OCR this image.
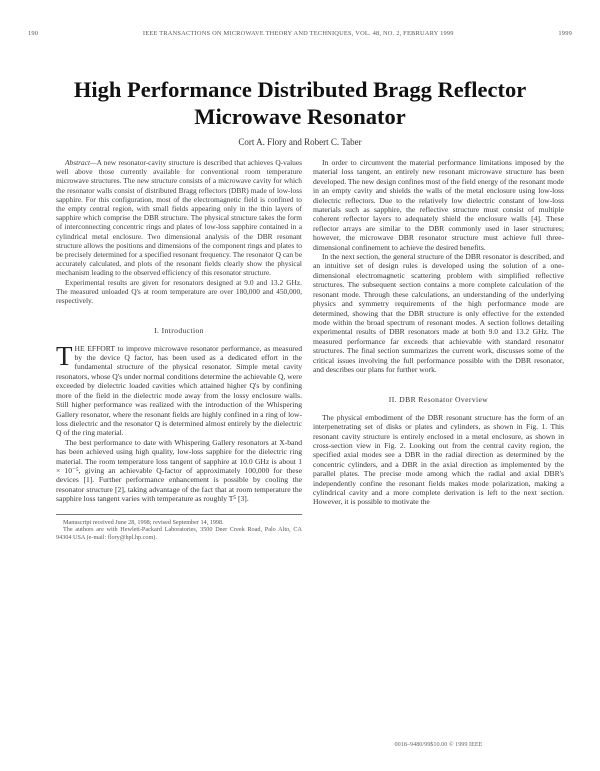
190	IEEE TRANSACTIONS ON MICROWAVE THEORY AND TECHNIQUES, VOL. 48, NO. 2, FEBRUARY 1999	1999
High Performance Distributed Bragg Reflector
Microwave Resonator
Cort A. Flory and Robert C. Taber

Abstract—A new resonator-cavity structure is described that achieves Q-values well above those currently available for conventional room temperature microwave structures. The new structure consists of a microwave cavity for which the resonator walls consist of distributed Bragg reflectors (DBR) made of low-loss sapphire. For this configuration, most of the electromagnetic field is confined to the empty central region, with small fields appearing only in the thin layers of sapphire which comprise the DBR structure. The physical structure takes the form of interconnecting concentric rings and plates of low-loss sapphire contained in a cylindrical metal enclosure. Two dimensional analysis of the DBR resonant structure allows the positions and dimensions of the component rings and plates to be precisely determined for a specified resonant frequency. The resonator Q can be accurately calculated, and plots of the resonant fields clearly show the physical mechanism leading to the observed efficiency of this resonator structure.

Experimental results are given for resonators designed at 9.0 and 13.2 GHz. The measured unloaded Q's at room temperature are over 180,000 and 450,000, respectively.

I. Introduction

THE EFFORT to improve microwave resonator performance, as measured by the device Q factor, has been used as a dedicated effort in the fundamental structure of the physical resonator. Simple metal cavity resonators, whose Q's under normal conditions determine the achievable Q, were exceeded by dielectric loaded cavities which attained higher Q's by confining more of the field in the dielectric mode away from the lossy enclosure walls. Still higher performance was realized with the introduction of the Whispering Gallery resonator, where the resonant fields are highly confined in a ring of low-loss dielectric and the resonator Q is determined almost entirely by the dielectric Q of the ring material.

The best performance to date with Whispering Gallery resonators at X-band has been achieved using high quality, low-loss sapphire for the dielectric ring material. The room temperature loss tangent of sapphire at 10.0 GHz is about 1 × 10⁻⁵, giving an achievable Q-factor of approximately 100,000 for these devices [1]. Further performance enhancement is possible by cooling the resonator structure [2], taking advantage of the fact that at room temperature the sapphire loss tangent varies with temperature as roughly T⁵ [3].

Manuscript received June 28, 1998; revised September 14, 1998.

The authors are with Hewlett-Packard Laboratories, 3500 Deer Creek Road, Palo Alto, CA 94304 USA (e-mail: flory@hpl.hp.com).

In order to circumvent the material performance limitations imposed by the material loss tangent, an entirely new resonant microwave structure has been developed. The new design confines most of the field energy of the resonant mode in an empty cavity and shields the walls of the metal enclosure using low-loss dielectric reflectors. Due to the relatively low dielectric constant of low-loss materials such as sapphire, the reflective structure must consist of multiple coherent reflector layers to adequately shield the enclosure walls [4]. These reflector arrays are similar to the DBR commonly used in laser structures; however, the microwave DBR resonator structure must achieve full three-dimensional confinement to achieve the desired benefits.

In the next section, the general structure of the DBR resonator is described, and an intuitive set of design rules is developed using the solution of a one-dimensional electromagnetic scattering problem with simplified reflective structures. The subsequent section contains a more complete calculation of the resonant mode. Through these calculations, an understanding of the underlying physics and symmetry requirements of the high performance mode are determined, showing that the DBR structure is only effective for the extended mode within the broad spectrum of resonant modes. A section follows detailing experimental results of DBR resonators made at both 9.0 and 13.2 GHz. The measured performance far exceeds that achievable with standard resonator structures. The final section summarizes the current work, discusses some of the critical issues involving the full performance possible with the DBR resonator, and describes our plans for further work.

II. DBR Resonator Overview

The physical embodiment of the DBR resonant structure has the form of an interpenetrating set of disks or plates and cylinders, as shown in Fig. 1. This resonant cavity structure is entirely enclosed in a metal enclosure, as shown in cross-section view in Fig. 2. Looking out from the central cavity region, the specified axial modes see a DBR in the radial direction as determined by the concentric cylinders, and a DBR in the axial direction as implemented by the parallel plates. The precise mode among which the radial and axial DBR's independently confine the resonant fields makes mode polarization, making a cylindrical cavity and a more complete derivation is left to the next section. However, it is possible to motivate the

0018–9480/99$10.00 © 1999 IEEE
